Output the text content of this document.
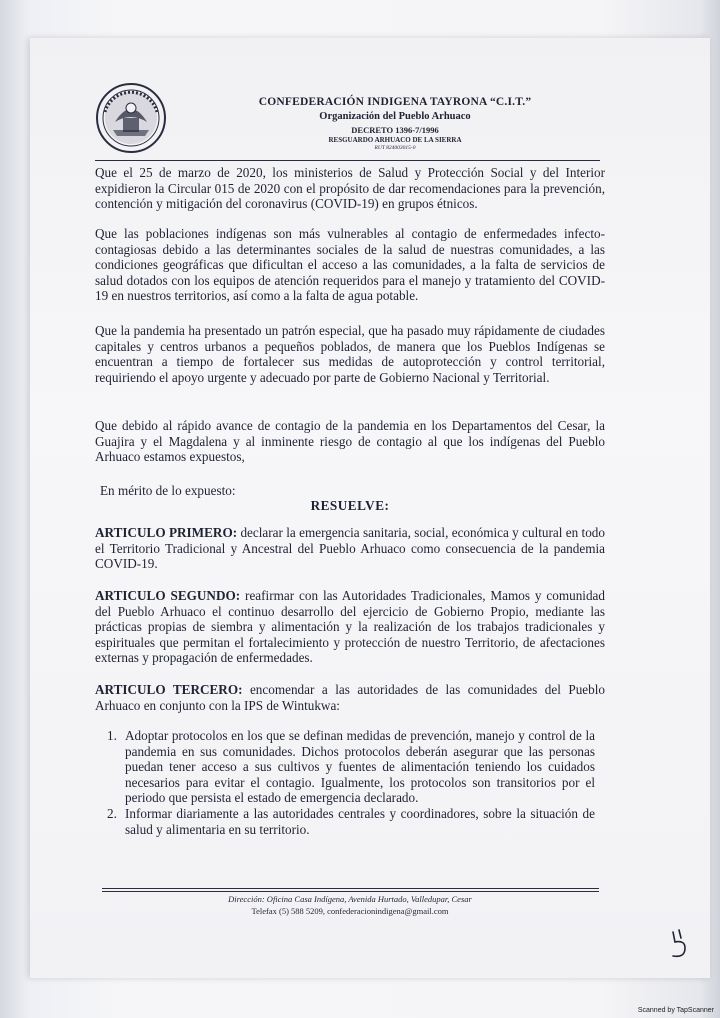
CONFEDERACIÓN INDIGENA TAYRONA “C.I.T.”
Organización del Pueblo Arhuaco
DECRETO 1396-7/1996
RESGUARDO ARHUACO DE LA SIERRA
RUT 824003015-0
Que el 25 de marzo de 2020, los ministerios de Salud y Protección Social y del Interior expidieron la Circular 015 de 2020 con el propósito de dar recomendaciones para la prevención, contención y mitigación del coronavirus (COVID-19) en grupos étnicos.
Que las poblaciones indígenas son más vulnerables al contagio de enfermedades infecto-contagiosas debido a las determinantes sociales de la salud de nuestras comunidades, a las condiciones geográficas que dificultan el acceso a las comunidades, a la falta de servicios de salud dotados con los equipos de atención requeridos para el manejo y tratamiento del COVID-19 en nuestros territorios, así como a la falta de agua potable.
Que la pandemia ha presentado un patrón especial, que ha pasado muy rápidamente de ciudades capitales y centros urbanos a pequeños poblados, de manera que los Pueblos Indígenas se encuentran a tiempo de fortalecer sus medidas de autoprotección y control territorial, requiriendo el apoyo urgente y adecuado por parte de Gobierno Nacional y Territorial.
Que debido al rápido avance de contagio de la pandemia en los Departamentos del Cesar, la Guajira y el Magdalena y al inminente riesgo de contagio al que los indígenas del Pueblo Arhuaco estamos expuestos,
En mérito de lo expuesto:
RESUELVE:
ARTICULO PRIMERO: declarar la emergencia sanitaria, social, económica y cultural en todo el Territorio Tradicional y Ancestral del Pueblo Arhuaco como consecuencia de la pandemia COVID-19.
ARTICULO SEGUNDO: reafirmar con las Autoridades Tradicionales, Mamos y comunidad del Pueblo Arhuaco el continuo desarrollo del ejercicio de Gobierno Propio, mediante las prácticas propias de siembra y alimentación y la realización de los trabajos tradicionales y espirituales que permitan el fortalecimiento y protección de nuestro Territorio, de afectaciones externas y propagación de enfermedades.
ARTICULO TERCERO: encomendar a las autoridades de las comunidades del Pueblo Arhuaco en conjunto con la IPS de Wintukwa:
1. Adoptar protocolos en los que se definan medidas de prevención, manejo y control de la pandemia en sus comunidades. Dichos protocolos deberán asegurar que las personas puedan tener acceso a sus cultivos y fuentes de alimentación teniendo los cuidados necesarios para evitar el contagio. Igualmente, los protocolos son transitorios por el periodo que persista el estado de emergencia declarado.
2. Informar diariamente a las autoridades centrales y coordinadores, sobre la situación de salud y alimentaria en su territorio.
Dirección: Oficina Casa Indígena, Avenida Hurtado, Valledupar, Cesar
Telefax (5) 588 5209, confederacionindigena@gmail.com
Scanned by TapScanner
